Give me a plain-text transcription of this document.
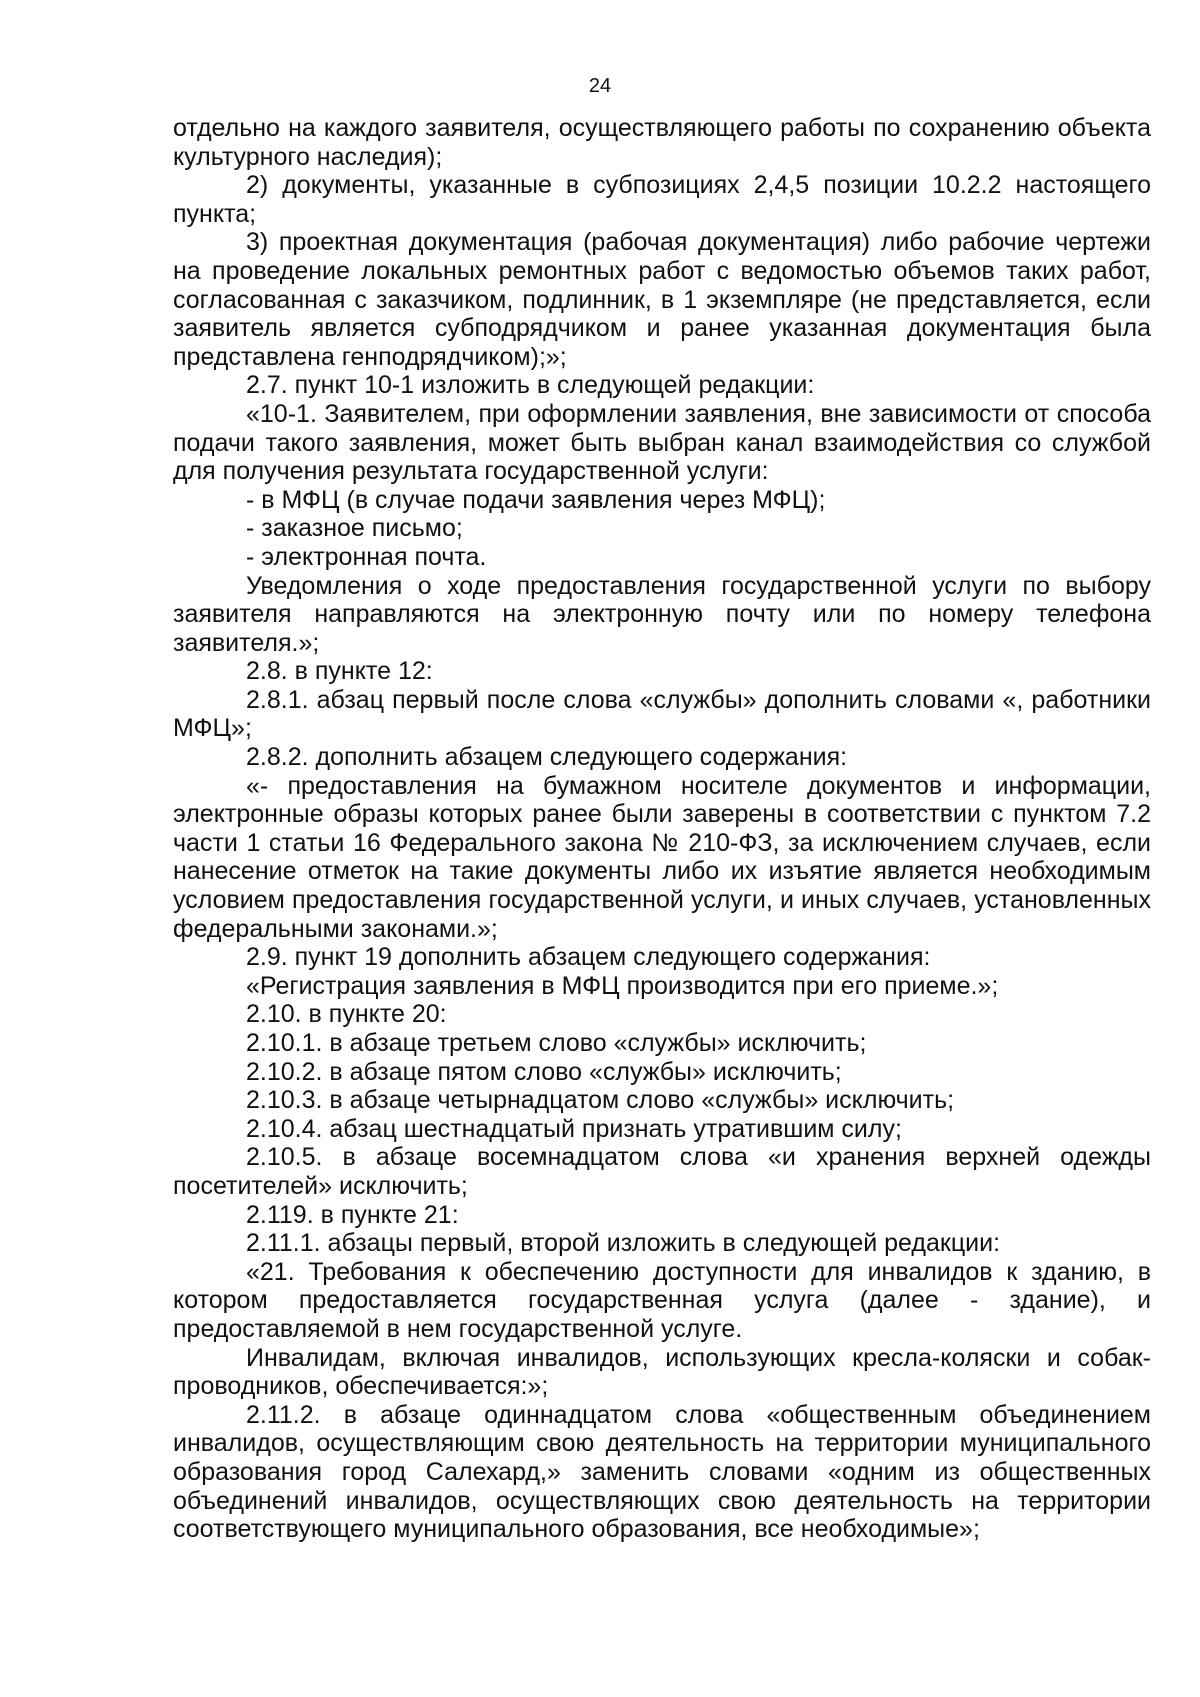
24

отдельно на каждого заявителя, осуществляющего работы по сохранению объекта культурного наследия);

2) документы, указанные в субпозициях 2,4,5 позиции 10.2.2 настоящего пункта;

3) проектная документация (рабочая документация) либо рабочие чертежи на проведение локальных ремонтных работ с ведомостью объемов таких работ, согласованная с заказчиком, подлинник, в 1 экземпляре (не представляется, если заявитель является субподрядчиком и ранее указанная документация была представлена генподрядчиком);»;

2.7. пункт 10-1 изложить в следующей редакции:

«10-1. Заявителем, при оформлении заявления, вне зависимости от способа подачи такого заявления, может быть выбран канал взаимодействия со службой для получения результата государственной услуги:

- в МФЦ (в случае подачи заявления через МФЦ);

- заказное письмо;

- электронная почта.

Уведомления о ходе предоставления государственной услуги по выбору заявителя направляются на электронную почту или по номеру телефона заявителя.»;

2.8. в пункте 12:

2.8.1. абзац первый после слова «службы» дополнить словами «, работники МФЦ»;

2.8.2. дополнить абзацем следующего содержания:

«- предоставления на бумажном носителе документов и информации, электронные образы которых ранее были заверены в соответствии с пунктом 7.2 части 1 статьи 16 Федерального закона № 210-ФЗ, за исключением случаев, если нанесение отметок на такие документы либо их изъятие является необходимым условием предоставления государственной услуги, и иных случаев, установленных федеральными законами.»;

2.9. пункт 19 дополнить абзацем следующего содержания:

«Регистрация заявления в МФЦ производится при его приеме.»;

2.10. в пункте 20:

2.10.1. в абзаце третьем слово «службы» исключить;

2.10.2. в абзаце пятом слово «службы» исключить;

2.10.3. в абзаце четырнадцатом слово «службы» исключить;

2.10.4. абзац шестнадцатый признать утратившим силу;

2.10.5. в абзаце восемнадцатом слова «и хранения верхней одежды посетителей» исключить;

2.119. в пункте 21:

2.11.1. абзацы первый, второй изложить в следующей редакции:

«21. Требования к обеспечению доступности для инвалидов к зданию, в котором предоставляется государственная услуга (далее - здание), и предоставляемой в нем государственной услуге.

Инвалидам, включая инвалидов, использующих кресла-коляски и собак-проводников, обеспечивается:»;

2.11.2. в абзаце одиннадцатом слова «общественным объединением инвалидов, осуществляющим свою деятельность на территории муниципального образования город Салехард,» заменить словами «одним из общественных объединений инвалидов, осуществляющих свою деятельность на территории соответствующего муниципального образования, все необходимые»;
